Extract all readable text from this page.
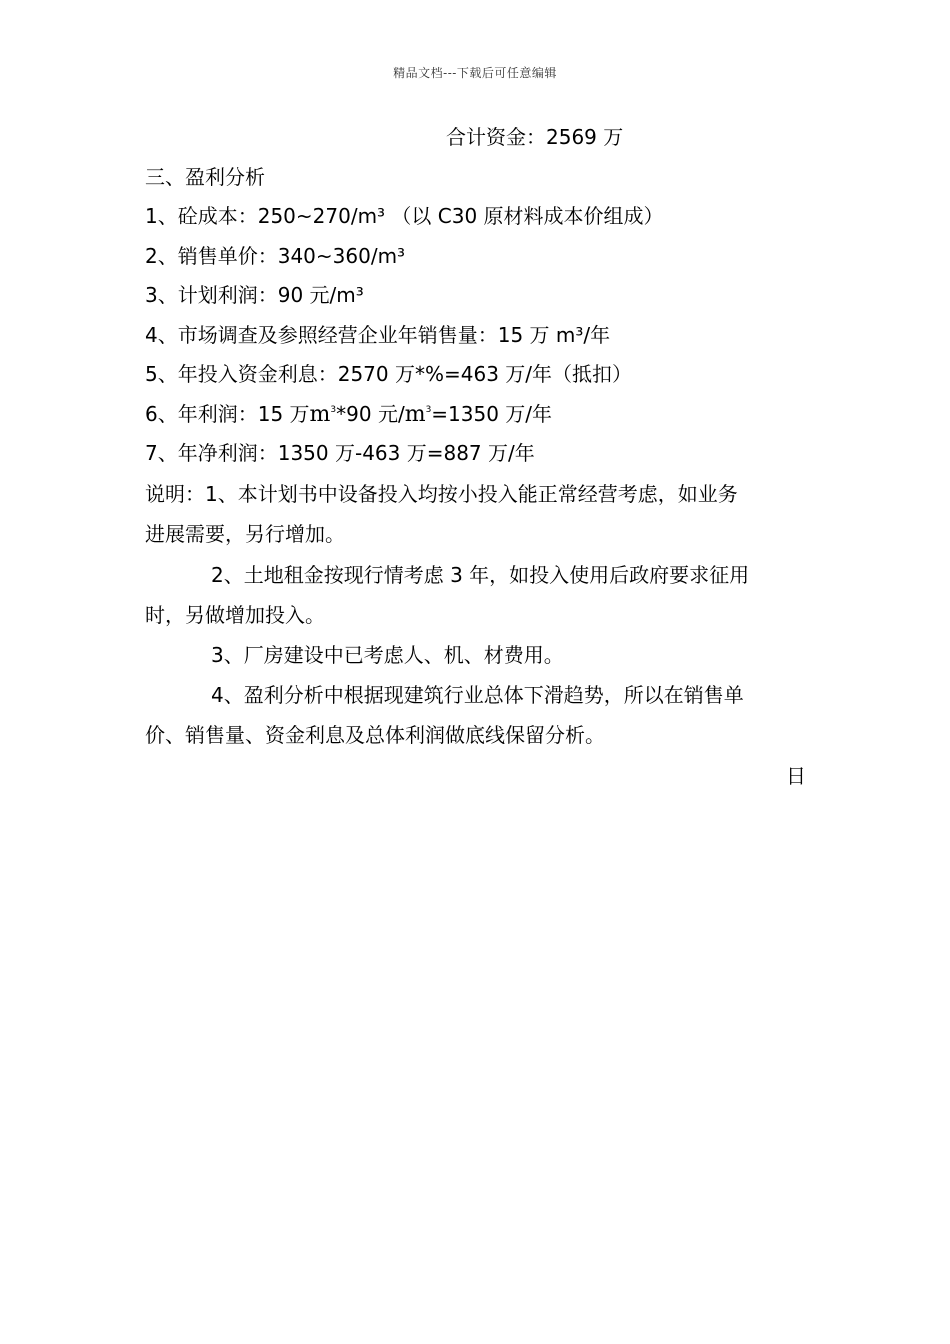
精品文档---下载后可任意编辑
合计资金：2569 万
三、盈利分析
1、砼成本：250~270/m³ （以 C30 原材料成本价组成）
2、销售单价：340~360/m³
3、计划利润：90 元/m³
4、市场调查及参照经营企业年销售量：15 万 m³/年
5、年投入资金利息：2570 万*%=463 万/年（抵扣）
6、年利润：15 万$m^3*90$ 元$/m^3=1350$ 万/年
7、年净利润：1350 万-463 万=887 万/年
说明：1、本计划书中设备投入均按小投入能正常经营考虑，如业务
进展需要，另行增加。
2、土地租金按现行情考虑 3 年，如投入使用后政府要求征用
时，另做增加投入。
3、厂房建设中已考虑人、机、材费用。
4、盈利分析中根据现建筑行业总体下滑趋势，所以在销售单
价、销售量、资金利息及总体利润做底线保留分析。
日
